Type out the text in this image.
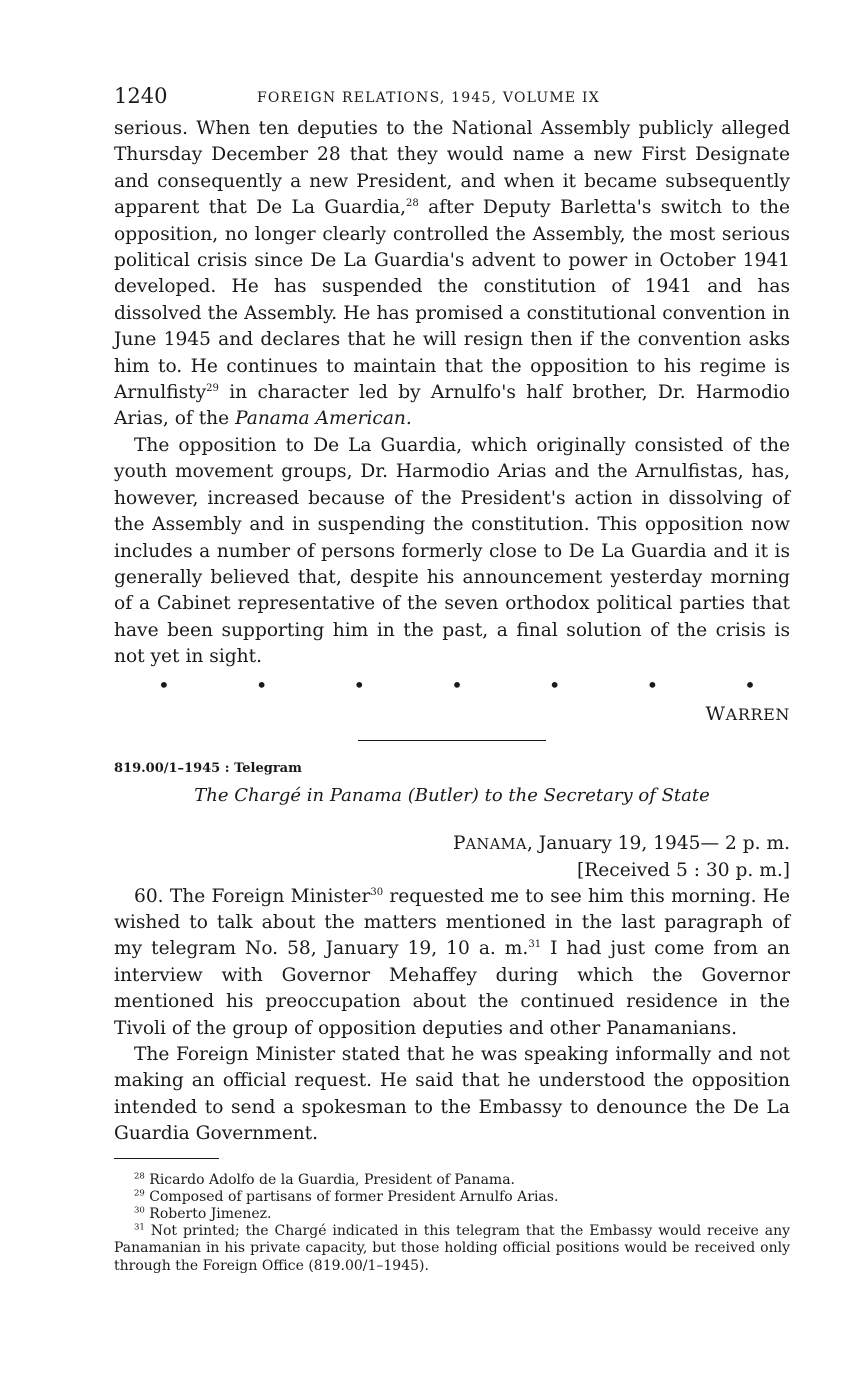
1240	FOREIGN RELATIONS, 1945, VOLUME IX

serious. When ten deputies to the National Assembly publicly alleged Thursday December 28 that they would name a new First Designate and consequently a new President, and when it became subsequently apparent that De La Guardia,$^{28}$ after Deputy Barletta's switch to the opposition, no longer clearly controlled the Assembly, the most serious political crisis since De La Guardia's advent to power in October 1941 developed. He has suspended the constitution of 1941 and has dissolved the Assembly. He has promised a constitutional convention in June 1945 and declares that he will resign then if the convention asks him to. He continues to maintain that the opposition to his regime is Arnulfisty$^{29}$ in character led by Arnulfo's half brother, Dr. Harmodio Arias, of the Panama American.

The opposition to De La Guardia, which originally consisted of the youth movement groups, Dr. Harmodio Arias and the Arnulfistas, has, however, increased because of the President's action in dissolving of the Assembly and in suspending the constitution. This opposition now includes a number of persons formerly close to De La Guardia and it is generally believed that, despite his announcement yesterday morning of a Cabinet representative of the seven orthodox political parties that have been supporting him in the past, a final solution of the crisis is not yet in sight.

•	•	•	•	•	•	•
WARREN
819.00/1–1945 : Telegram
The Chargé in Panama (Butler) to the Secretary of State
PANAMA, January 19, 1945— 2 p. m.
[Received 5 : 30 p. m.]

60. The Foreign Minister$^{30}$ requested me to see him this morning. He wished to talk about the matters mentioned in the last paragraph of my telegram No. 58, January 19, 10 a. m.$^{31}$ I had just come from an interview with Governor Mehaffey during which the Governor mentioned his preoccupation about the continued residence in the Tivoli of the group of opposition deputies and other Panamanians.

The Foreign Minister stated that he was speaking informally and not making an official request. He said that he understood the opposition intended to send a spokesman to the Embassy to denounce the De La Guardia Government.

$^{28}$ Ricardo Adolfo de la Guardia, President of Panama.

$^{29}$ Composed of partisans of former President Arnulfo Arias.

$^{30}$ Roberto Jimenez.

$^{31}$ Not printed; the Chargé indicated in this telegram that the Embassy would receive any Panamanian in his private capacity, but those holding official positions would be received only through the Foreign Office (819.00/1–1945).
